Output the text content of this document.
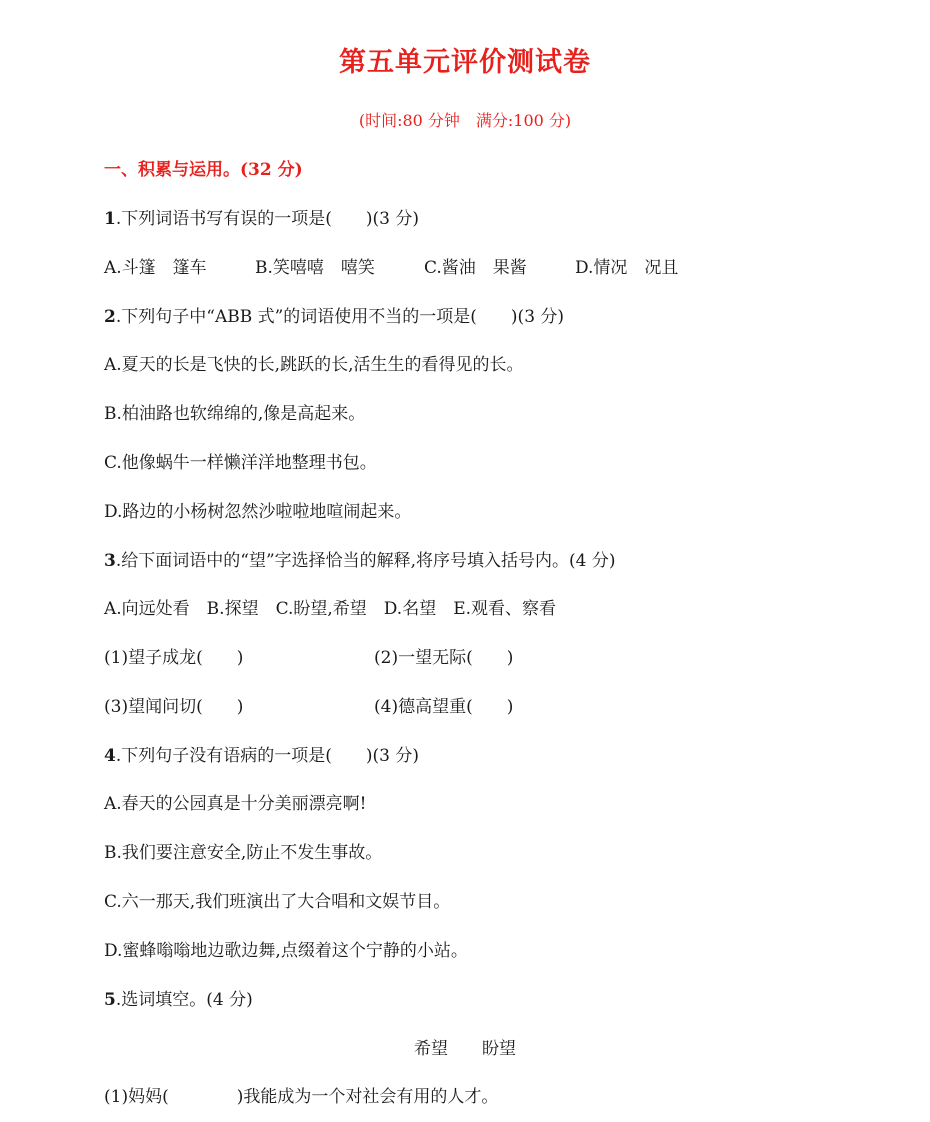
第五单元评价测试卷
(时间:80 分钟　满分:100 分)
一、积累与运用。(32 分)
1.下列词语书写有误的一项是(　　)(3 分)
A.斗篷　篷车	B.笑嘻嘻　嘻笑	C.酱油　果酱	D.情况　况且
2.下列句子中“ABB 式”的词语使用不当的一项是(　　)(3 分)
A.夏天的长是飞快的长,跳跃的长,活生生的看得见的长。
B.柏油路也软绵绵的,像是高起来。
C.他像蜗牛一样懒洋洋地整理书包。
D.路边的小杨树忽然沙啦啦地喧闹起来。
3.给下面词语中的“望”字选择恰当的解释,将序号填入括号内。(4 分)
A.向远处看　B.探望　C.盼望,希望　D.名望　E.观看、察看
(1)望子成龙(　　)	(2)一望无际(　　)
(3)望闻问切(　　)	(4)德高望重(　　)
4.下列句子没有语病的一项是(　　)(3 分)
A.春天的公园真是十分美丽漂亮啊!
B.我们要注意安全,防止不发生事故。
C.六一那天,我们班演出了大合唱和文娱节目。
D.蜜蜂嗡嗡地边歌边舞,点缀着这个宁静的小站。
5.选词填空。(4 分)
希望　　盼望
(1)妈妈(　　　　)我能成为一个对社会有用的人才。
